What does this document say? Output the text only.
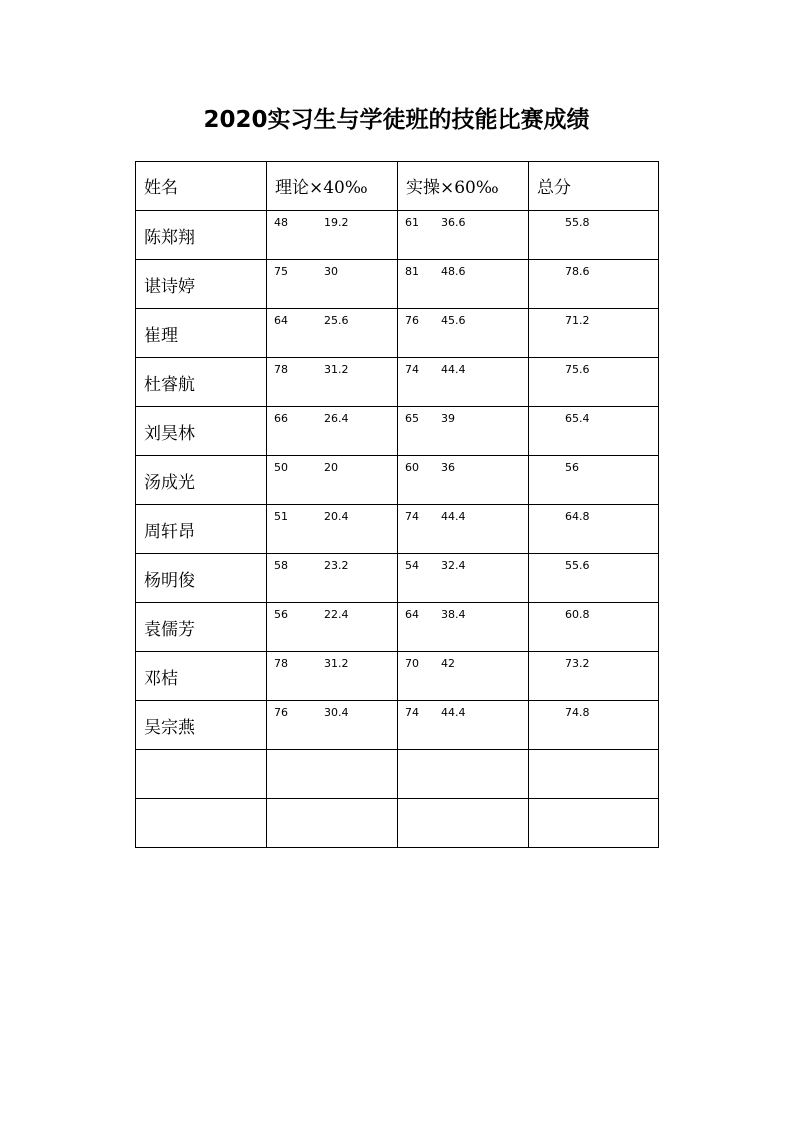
2020实习生与学徒班的技能比赛成绩
姓名	理论×40‰	实操×60‰	总分
陈郑翔	48 19.2	61 36.6	55.8

谌诗婷	75 30	81 48.6	78.6

崔理	64 25.6	76 45.6	71.2

杜睿航	78 31.2	74 44.4	75.6

刘昊林	66 26.4	65 39	65.4

汤成光	50 20	60 36	56

周轩昂	51 20.4	74 44.4	64.8

杨明俊	58 23.2	54 32.4	55.6

袁儒芳	56 22.4	64 38.4	60.8

邓桔	78 31.2	70 42	73.2

吴宗燕	76 30.4	74 44.4	74.8
